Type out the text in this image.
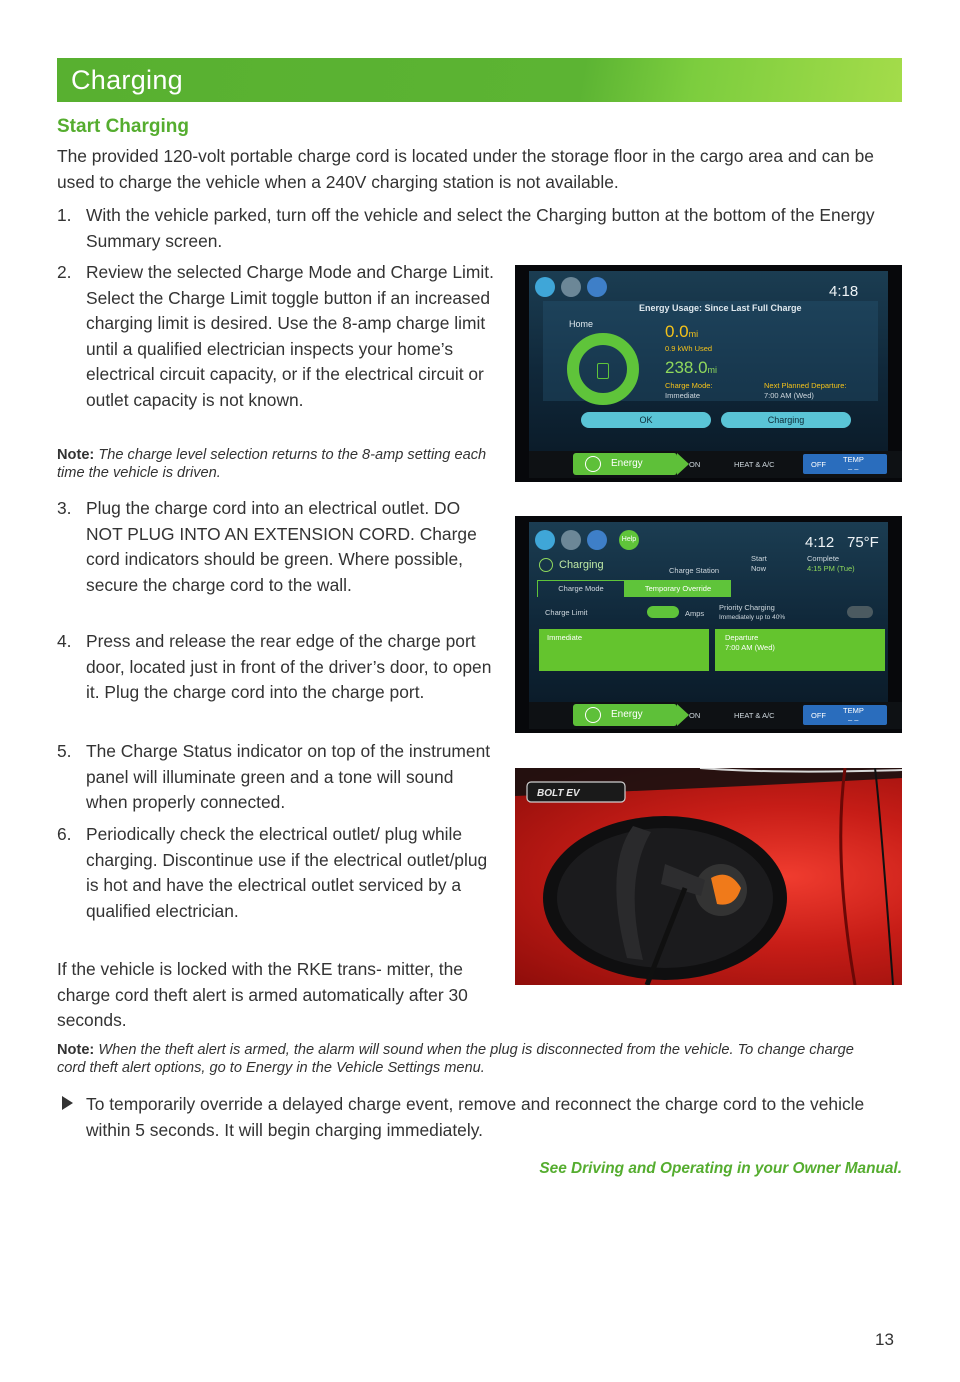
Charging
Start Charging

The provided 120-volt portable charge cord is located under the storage floor in the cargo area and can be used to charge the vehicle when a 240V charging station is not available.

1. With the vehicle parked, turn off the vehicle and select the Charging button at the bottom of the Energy Summary screen.
2. Review the selected Charge Mode and Charge Limit. Select the Charge Limit toggle button if an increased charging limit is desired. Use the 8-amp charge limit until a qualified electrician inspects your home’s electrical circuit capacity, or if the electrical circuit or outlet capacity is not known.
Note: The charge level selection returns to the 8-amp setting each time the vehicle is driven.
3. Plug the charge cord into an electrical outlet. DO NOT PLUG INTO AN EXTENSION CORD. Charge cord indicators should be green. Where possible, secure the charge cord to the wall.
4. Press and release the rear edge of the charge port door, located just in front of the driver’s door, to open it. Plug the charge cord into the charge port.
5. The Charge Status indicator on top of the instrument panel will illuminate green and a tone will sound when properly connected.
6. Periodically check the electrical outlet/ plug while charging. Discontinue use if the electrical outlet/plug is hot and have the electrical outlet serviced by a qualified electrician.

If the vehicle is locked with the RKE trans- mitter, the charge cord theft alert is armed automatically after 30 seconds.

Note: When the theft alert is armed, the alarm will sound when the plug is disconnected from the vehicle. To change charge cord theft alert options, go to Energy in the Vehicle Settings menu.
To temporarily override a delayed charge event, remove and reconnect the charge cord to the vehicle within 5 seconds. It will begin charging immediately.
See Driving and Operating in your Owner Manual.
13
4:18
Energy Usage: Since Last Full Charge
Home	0.0mi
0.9 kWh Used
238.0mi
Charge Mode:
Immediate
Next Planned Departure:
7:00 AM (Wed)
OK	Charging
Energy	ON	HEAT & A/C	OFF
TEMP
– –
Help	4:12 75°F
Charging	Charge Station
Start
Now
Complete
4:15 PM (Tue)
Charge Mode	Temporary Override
Charge Limit	Amps
Priority Charging
Immediately up to 40%
Immediate	Departure
7:00 AM (Wed)
Energy	ON	HEAT & A/C	OFF
TEMP
– –
BOLT EV
